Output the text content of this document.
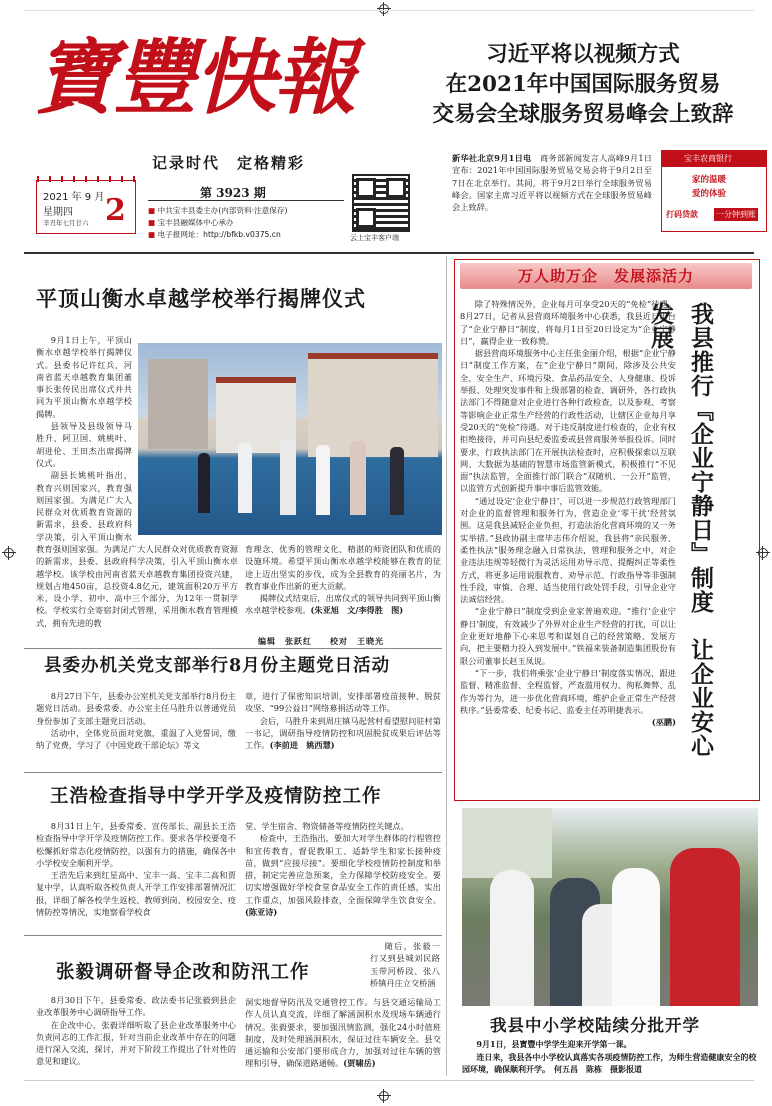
寶豐快報
记录时代　定格精彩
2021 年 9 月
星期四
辛丑年七月廿六 2	第 3923 期
■ 中共宝丰县委主办(内部资料·注意保存)
■ 宝丰县融媒体中心承办
■ 电子报网址：http://bfkb.v0375.cn	云上宝丰客户端
习近平将以视频方式
在2021年中国国际服务贸易
交易会全球服务贸易峰会上致辞
新华社北京9月1日电　 商务部新闻发言人高峰9月1日宣布：2021年中国国际服务贸易交易会将于9月2日至7日在北京举行。其间，将于9月2日举行全球服务贸易峰会。国家主席习近平将以视频方式在全球服务贸易峰会上致辞。
宝丰农商银行
家的温暖
爱的体验
打码贷款 一分钟到账
平顶山衡水卓越学校举行揭牌仪式

9月1日上午，平顶山衡水卓越学校举行揭牌仪式。县委书记许红兵，河南省蓝天卓越教育集团董事长张传民出席仪式并共同为平顶山衡水卓越学校揭牌。

县领导及县级领导马胜升、阿卫国、姚桃叶、胡进伦、王田杰出席揭牌仪式。

副县长姚桃叶指出，教育兴则国家兴，教育强则国家强。为满足广大人民群众对优质教育资源的新需求，县委、县政府科学决策，引入平顶山衡水

教育强则国家强。为满足广大人民群众对优质教育资源的新需求，县委、县政府科学决策，引入平顶山衡水卓越学校。该学校由河南省蓝天卓越教育集团投资兴建，规划占地450亩，总投资4.8亿元，建筑面积20万平方米，设小学、初中、高中三个部分，为12年一贯制学校。学校实行全寄宿封闭式管理，采用衡水教育管理模式，拥有先进的教

育理念、优秀的管理文化、精湛的师资团队和优质的设施环境。希望平顶山衡水卓越学校能够在教育的征途上迈出坚实的步伐，成为全县教育的亮丽名片，为教育事业作出新的更大贡献。

揭牌仪式结束后，出席仪式的领导共同到平顶山衡水卓越学校参观。(朱亚旭　文/李得胜　图)

编辑　张跃红　　校对　王晓光
县委办机关党支部举行8月份主题党日活动

8月27日下午，县委办公室机关党支部举行8月份主题党日活动。县委常委、办公室主任马胜升以普通党员身份参加了支部主题党日活动。

活动中，全体党员面对党旗，重温了入党誓词，缴纳了党费，学习了《中国党政干部论坛》等文

章，进行了保密知识培训，安排部署疫苗接种、脱贫攻坚、“99公益日”网络募捐活动等工作。

会后，马胜升来到周庄镇马起营村看望慰问驻村第一书记，调研指导疫情防控和巩固脱贫成果后评估等工作。(李前进　姚西慧)

王浩检查指导中学开学及疫情防控工作

8月31日上午，县委常委、宣传部长、副县长王浩检查指导中学开学及疫情防控工作。要求各学校要毫不松懈抓好常态化疫情防控，以强有力的措施，确保各中小学校安全顺利开学。

王浩先后来到红星高中、宝丰一高、宝丰二高和贾复中学，认真听取各校负责人开学工作安排部署情况汇报，详细了解各校学生返校、教师到岗、校园安全、疫情防控等情况，实地察看学校食

堂、学生宿舍、物资储备等疫情防控关键点。

检查中，王浩指出，要加大对学生群体的行程管控和宣传教育，督促教职工、适龄学生和家长接种疫苗，做到“应接尽接”。要细化学校疫情防控制度和举措，制定完善应急预案，全力保障学校防疫安全。要切实增强做好学校食堂食品安全工作的责任感，实出工作重点，加强风险排查，全面保障学生饮食安全。(陈亚诗)

张毅调研督导企改和防汛工作

8月30日下午，县委常委、政法委书记张毅到县企业改革服务中心调研指导工作。

在企改中心，张毅详细听取了县企业改革服务中心负责同志的工作汇报，针对当前企业改革中存在的问题进行深入交流，探讨，并对下阶段工作提出了针对性的意见和建议。

随后，张毅一行又到县城刘民路玉带河桥段、张八桥镇丹庄立交桥涵

洞实地督导防汛及交通管控工作。与县交通运输局工作人员认真交流，详细了解涵洞积水及现场车辆通行情况。张毅要求，要加强汛情监测，强化24小时值班制度，及时处理涵洞积水，保证过往车辆安全。县交通运输和公安部门要形成合力，加强对过往车辆的管理和引导，确保道路通畅。(贾啸岳)

万人助万企　发展添活力

除了特殊情况外，企业每月可享受20天的“免检”待遇。8月27日，记者从县营商环境服务中心获悉，我县近日出台了“企业宁静日”制度，将每月1日至20日设定为“企业宁静日”，赢得企业一致称赞。

据县营商环境服务中心主任张金丽介绍，根据“企业宁静日”制度工作方案，在“企业宁静日”期间，除涉及公共安全、安全生产、环境污染、食品药品安全、人身健康、投诉举报、处理突发事件和上级部署的检查、调研外，各行政执法部门不得随意对企业进行各种行政检查，以及参观、考察等影响企业正常生产经营的行政性活动，让辖区企业每月享受20天的“免检”待遇。对于违反制度进行检查的，企业有权拒绝接待，并可向县纪委监委或县营商服务举报投诉。同时要求，行政执法部门在开展执法检查时，应积极探索以互联网、大数据为基础的智慧市场监管新模式，积极推行“不见面”执法监管，全面推行部门联合“双随机、一公开”监管，以监管方式创新提升事中事后监管效能。

“通过设定‘企业宁静日’，可以进一步规范行政管理部门对企业的监督管理和服务行为，营造企业‘零干扰’经营氛围。这是我县减轻企业负担，打造法治化营商环境的又一务实举措。”县政协副主席毕志伟介绍说，我县将“亲民服务、柔性执法”服务理念融入日常执法，管理和服务之中，对企业违法违规等轻微行为灵活运用劝导示范、提醒纠正等柔性方式，将更多运用说服教育、劝导示范、行政指导等非强制性手段，审慎、合理、适当使用行政处罚手段，引导企业守法诚信经营。

“企业宁静日”制度受到企业家普遍欢迎。“推行‘企业宁静日’制度，有效减少了外界对企业生产经营的打扰，可以让企业更好地静下心来思考和谋划自己的经营策略、发展方向，把主要精力投入到发展中。”铁福来装备制造集团股份有限公司董事长赵玉凤说。

“下一步，我们将乘张‘企业宁静日’制度落实情况，跟进监督、精准监督、全程监督，严查滥用权力、徇私舞弊、乱作为等行为，进一步优化营商环境，维护企业正常生产经营秩序。”县委常委、纪委书记、监委主任苏明捷表示。
(巫鹏) 我县推行『企业宁静日』制度　让企业安心发展
我县中小学校陆续分批开学
9月1日，县寳豐中学学生迎来开学第一课。
连日来，我县各中小学校认真落实各项疫情防控工作，为师生营造健康安全的校园环境，确保顺利开学。　 何五昌　陈栋　摄影报道
